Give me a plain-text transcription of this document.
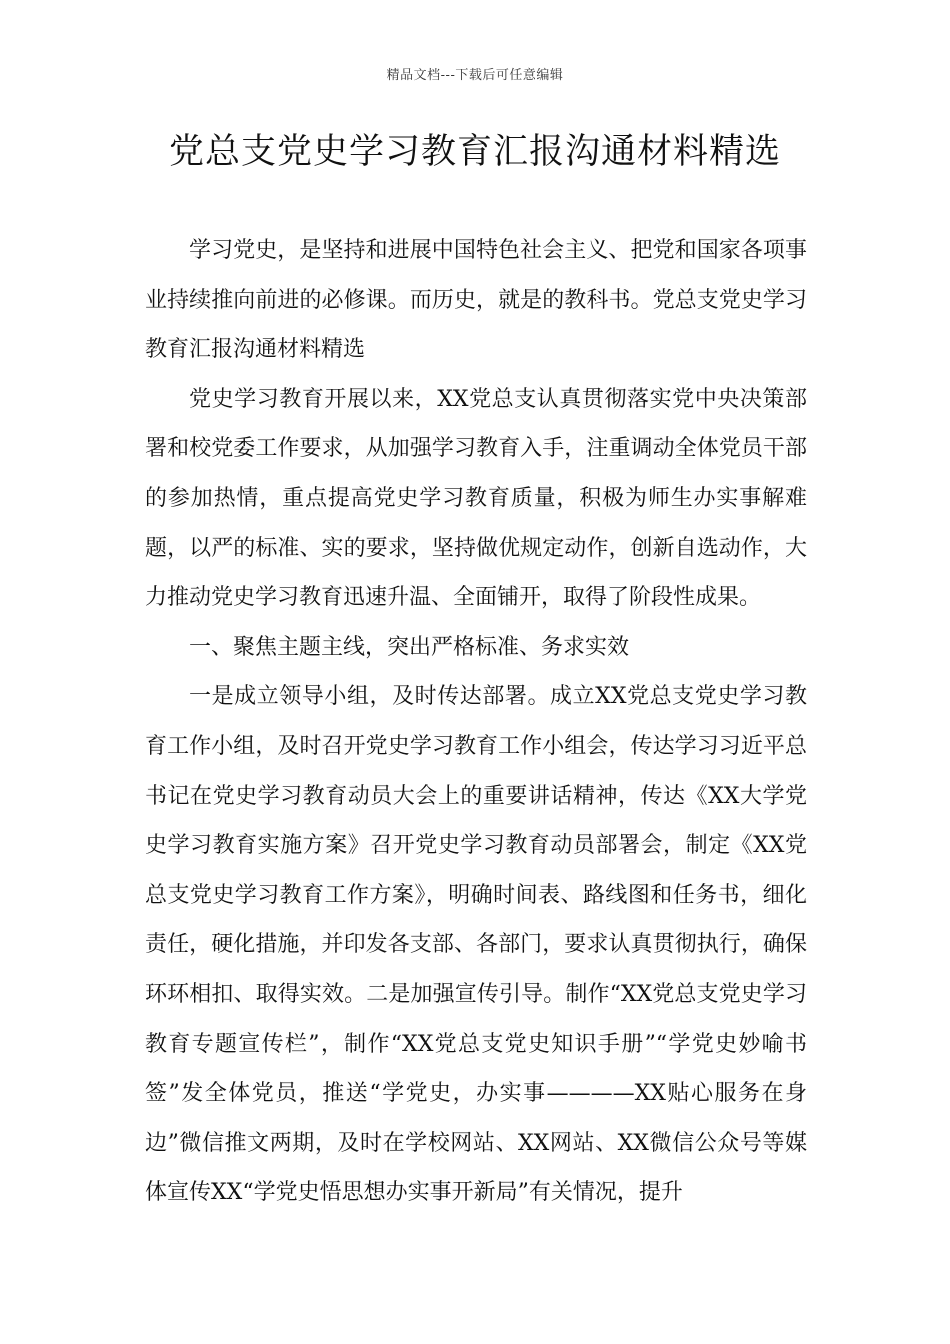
精品文档---下载后可任意编辑
党总支党史学习教育汇报沟通材料精选

学习党史，是坚持和进展中国特色社会主义、把党和国家各项事业持续推向前进的必修课。而历史，就是的教科书。党总支党史学习教育汇报沟通材料精选

党史学习教育开展以来，XX党总支认真贯彻落实党中央决策部署和校党委工作要求，从加强学习教育入手，注重调动全体党员干部的参加热情，重点提高党史学习教育质量，积极为师生办实事解难题，以严的标准、实的要求，坚持做优规定动作，创新自选动作，大力推动党史学习教育迅速升温、全面铺开，取得了阶段性成果。

一、聚焦主题主线，突出严格标准、务求实效

一是成立领导小组，及时传达部署。成立XX党总支党史学习教育工作小组，及时召开党史学习教育工作小组会，传达学习习近平总书记在党史学习教育动员大会上的重要讲话精神，传达《XX大学党史学习教育实施方案》召开党史学习教育动员部署会，制定《XX党总支党史学习教育工作方案》，明确时间表、路线图和任务书，细化责任，硬化措施，并印发各支部、各部门，要求认真贯彻执行，确保环环相扣、取得实效。二是加强宣传引导。制作“XX党总支党史学习教育专题宣传栏”，制作“XX党总支党史知识手册”“学党史妙喻书签”发全体党员，推送“学党史，办实事————XX贴心服务在身边”微信推文两期，及时在学校网站、XX网站、XX微信公众号等媒体宣传XX“学党史悟思想办实事开新局”有关情况，提升
